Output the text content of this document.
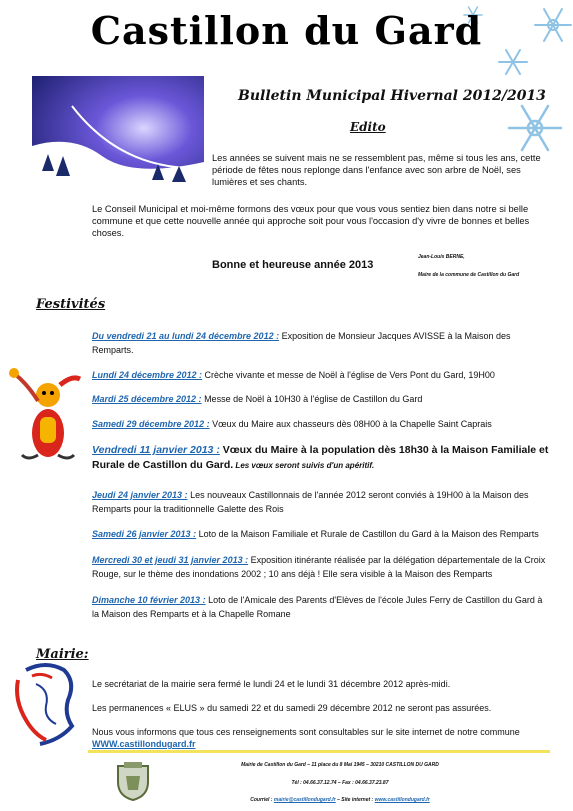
Castillon du Gard
Bulletin Municipal Hivernal 2012/2013
Edito
Les années se suivent mais ne se ressemblent pas, même si tous les ans, cette période de fêtes nous replonge dans l'enfance avec son arbre de Noël, ses lumières et ses chants.
Le Conseil Municipal et moi-même formons des vœux pour que vous vous sentiez bien dans notre si belle commune et que cette nouvelle année qui approche soit pour vous l'occasion d'y vivre de bonnes et belles choses.
Bonne et heureuse année 2013
Jean-Louis BERNE,
Maire de la commune de Castillon du Gard
Festivités
Du vendredi 21 au lundi 24 décembre 2012 : Exposition de Monsieur Jacques AVISSE à la Maison des Remparts.
Lundi 24 décembre 2012 : Crèche vivante et messe de Noël à l'église de Vers Pont du Gard, 19H00
Mardi 25 décembre 2012 : Messe de Noël à 10H30 à l'église de Castillon du Gard
Samedi 29 décembre 2012 : Vœux du Maire aux chasseurs dès 08H00 à la Chapelle Saint Caprais
Vendredi 11 janvier 2013 : Vœux du Maire à la population dès 18h30 à la Maison Familiale et Rurale de Castillon du Gard. Les vœux seront suivis d'un apéritif.
Jeudi 24 janvier 2013 : Les nouveaux Castillonnais de l'année 2012 seront conviés à 19H00 à la Maison des Remparts pour la traditionnelle Galette des Rois
Samedi 26 janvier 2013 : Loto de la Maison Familiale et Rurale de Castillon du Gard à la Maison des Remparts
Mercredi 30 et jeudi 31 janvier 2013 : Exposition itinérante réalisée par la délégation départementale de la Croix Rouge, sur le thème des inondations 2002 ; 10 ans déjà ! Elle sera visible à la Maison des Remparts
Dimanche 10 février 2013 : Loto de l'Amicale des Parents d'Elèves de l'école Jules Ferry de Castillon du Gard à la Maison des Remparts et à la Chapelle Romane
Mairie:
Le secrétariat de la mairie sera fermé le lundi 24 et le lundi 31 décembre 2012 après-midi.
Les permanences « ELUS » du samedi 22 et du samedi 29 décembre 2012 ne seront pas assurées.
Nous vous informons que tous ces renseignements sont consultables sur le site internet de notre commune
WWW.castillondugard.fr
Mairie de Castillon du Gard – 11 place du 8 Mai 1945 – 30210 CASTILLON DU GARD
Tél : 04.66.37.12.74 – Fax : 04.66.37.23.87
Courriel : mairie@castillondugard.fr – Site internet : www.castillondugard.fr
